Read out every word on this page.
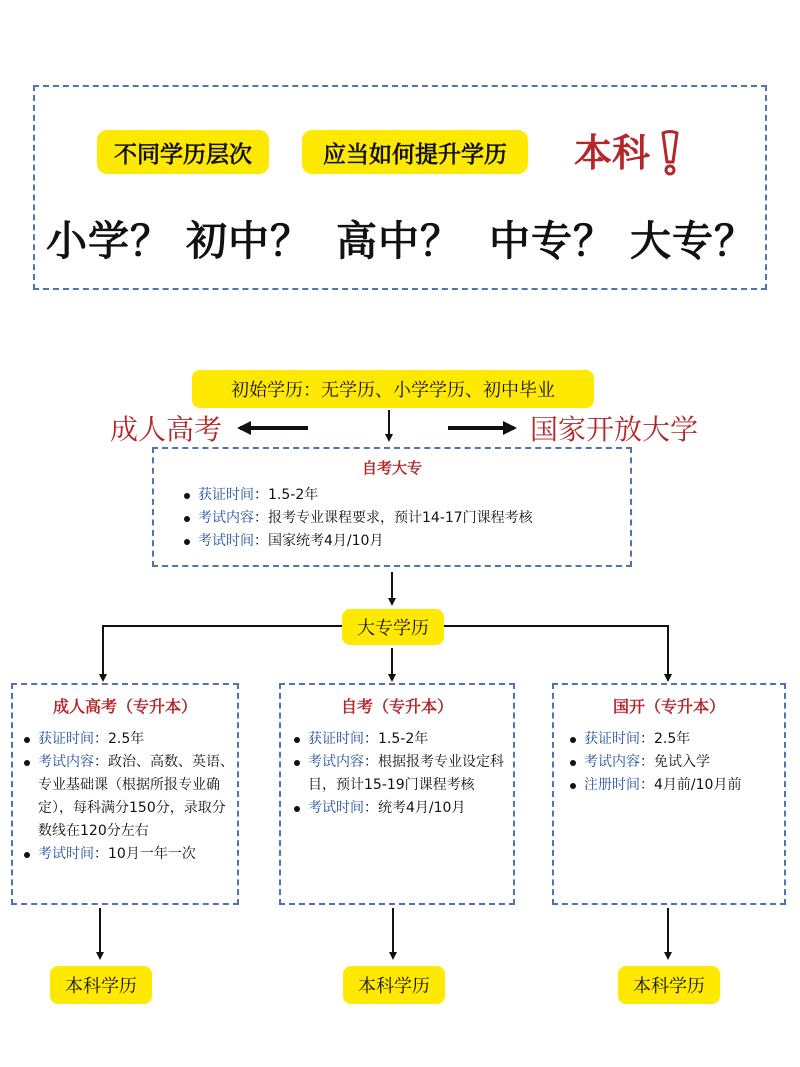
不同学历层次	应当如何提升学历	本科
小学？ 初中？ 高中？ 中专？ 大专？
初始学历：无学历、小学学历、初中毕业
成人高考	国家开放大学
自考大专
获证时间：1.5-2年
考试内容：报考专业课程要求，预计14-17门课程考核
考试时间：国家统考4月/10月
大专学历
成人高考（专升本）
获证时间：2.5年
考试内容：政治、高数、英语、专业基础课（根据所报专业确定），每科满分150分，录取分数线在120分左右
考试时间：10月一年一次
自考（专升本）
获证时间：1.5-2年
考试内容：根据报考专业设定科目，预计15-19门课程考核
考试时间：统考4月/10月
国开（专升本）
获证时间：2.5年
考试内容：免试入学
注册时间：4月前/10月前
本科学历	本科学历	本科学历
